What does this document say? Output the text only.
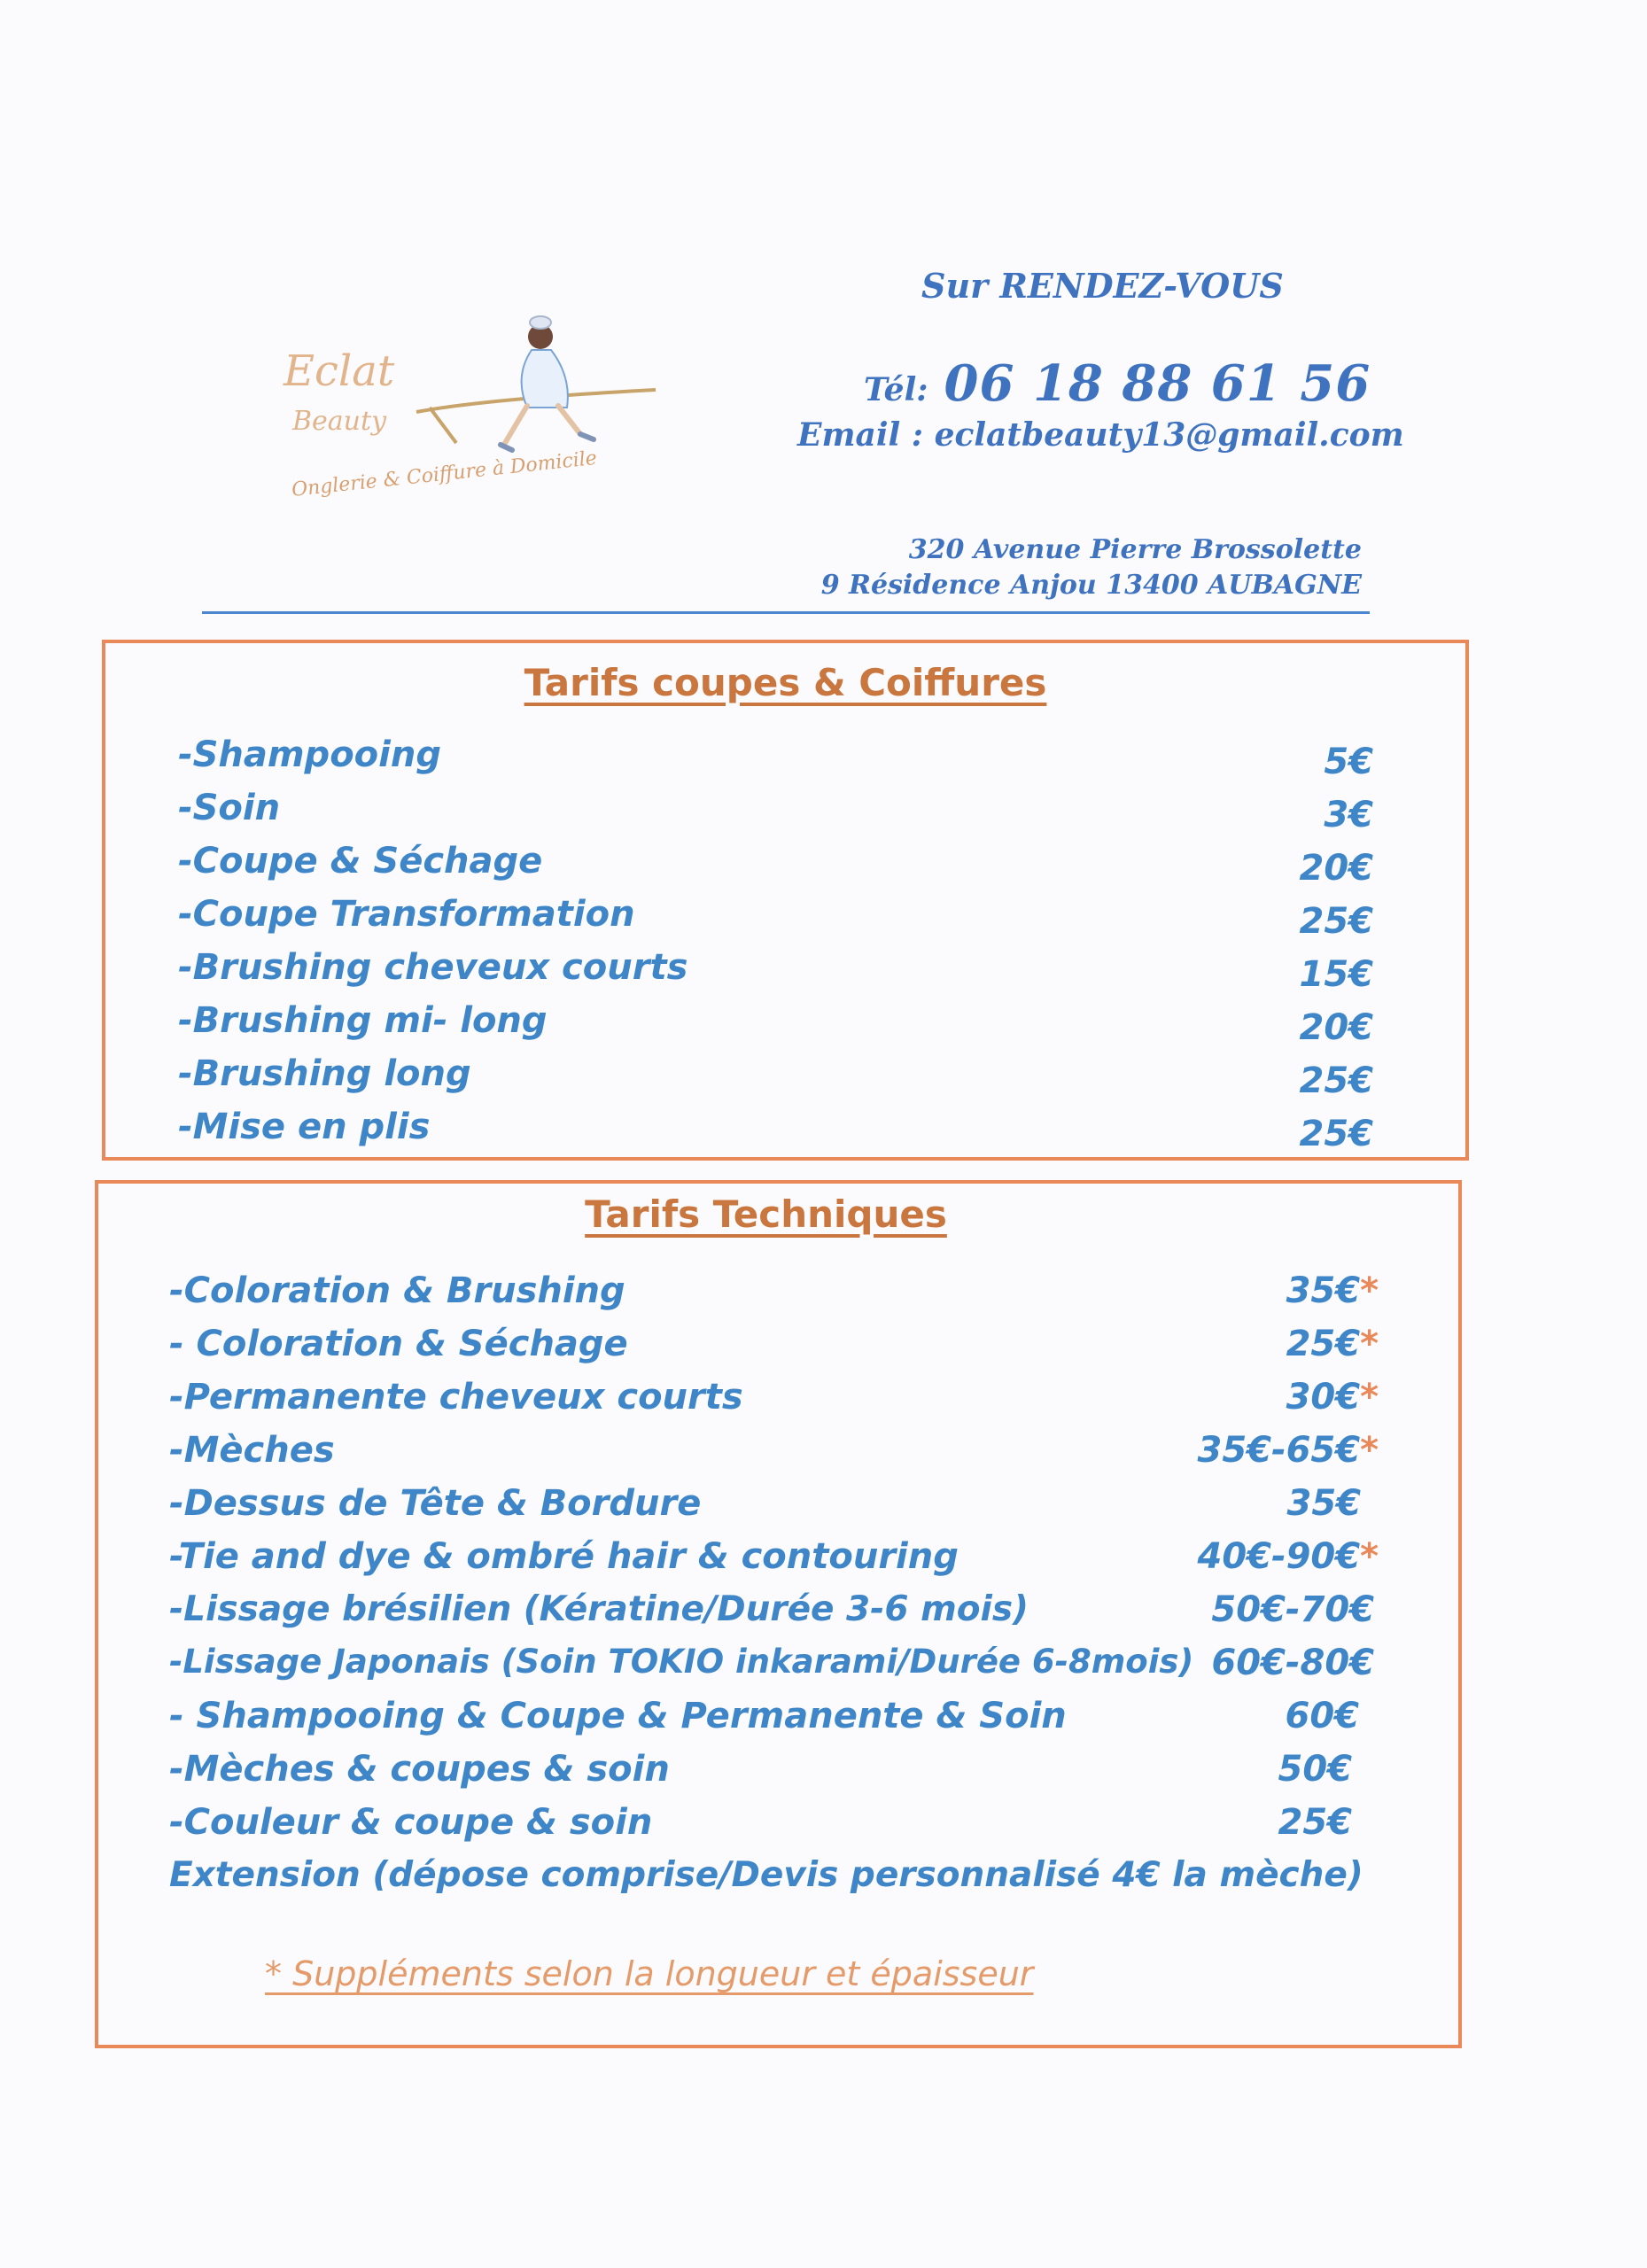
Eclat
Beauty
Onglerie & Coiffure à Domicile
Sur RENDEZ-VOUS
Tél: 06 18 88 61 56
Email : eclatbeauty13@gmail.com
320 Avenue Pierre Brossolette
9 Résidence Anjou 13400 AUBAGNE
Tarifs coupes & Coiffures
-Shampooing	5€
-Soin	3€
-Coupe & Séchage	20€
-Coupe Transformation	25€
-Brushing cheveux courts	15€
-Brushing mi- long	20€
-Brushing long	25€
-Mise en plis	25€
Tarifs Techniques
-Coloration & Brushing	35€*
- Coloration & Séchage	25€*
-Permanente cheveux courts	30€*
-Mèches	35€-65€*
-Dessus de Tête & Bordure	35€
-Tie and dye & ombré hair & contouring	40€-90€*
-Lissage brésilien (Kératine/Durée 3-6 mois)	50€-70€
-Lissage Japonais (Soin TOKIO inkarami/Durée 6-8mois) 60€-80€
- Shampooing & Coupe & Permanente & Soin	60€
-Mèches & coupes & soin	50€
-Couleur & coupe & soin	25€
Extension (dépose comprise/Devis personnalisé 4€ la mèche)
* Suppléments selon la longueur et épaisseur
